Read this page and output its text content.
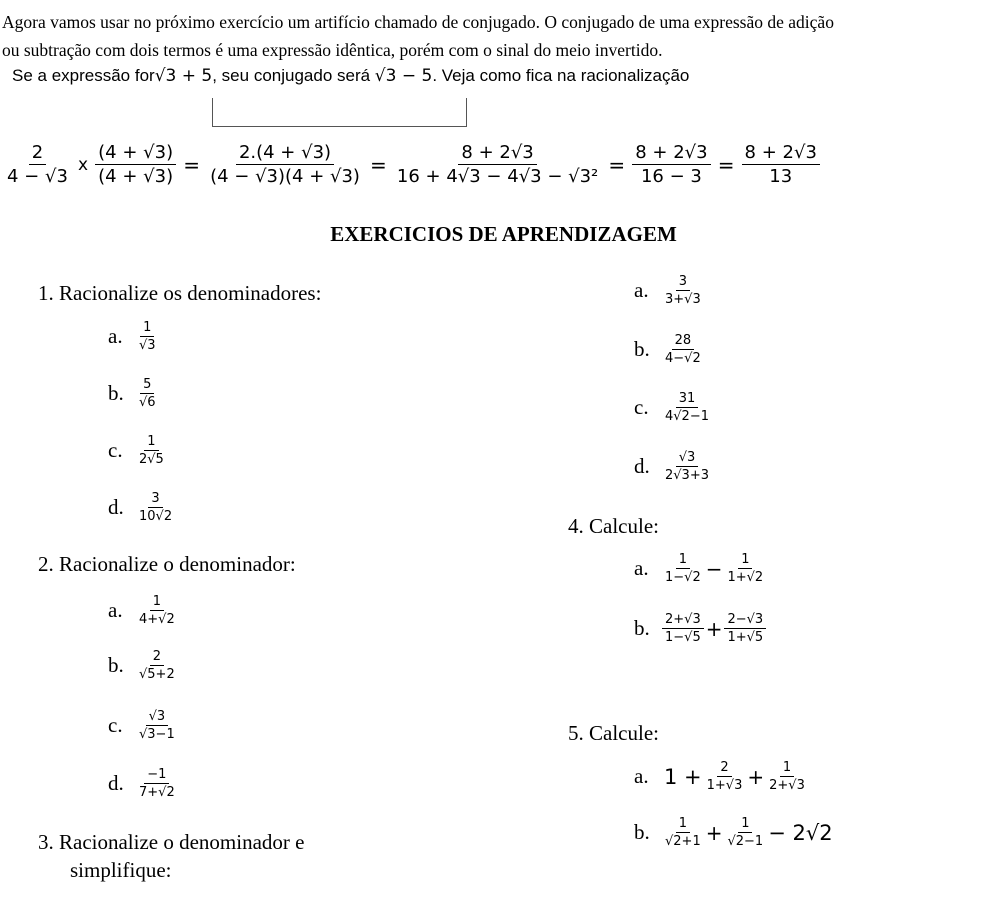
Agora vamos usar no próximo exercício um artifício chamado de conjugado. O conjugado de uma expressão de adição
ou subtração com dois termos é uma expressão idêntica, porém com o sinal do meio invertido.
Se a expressão for√3 + 5, seu conjugado será √3 − 5. Veja como fica na racionalização
$\frac{2}{4 - √3}$ x $\frac{(4 + √3)}{(4 + √3)} = \frac{2.(4 + √3)}{(4 - √3)(4 + √3)} = \frac{8 + 2√3}{\text{16 + 4√3 − 4√3 − √3²}} = \frac{8 + 2√3}{16 - 3} = \frac{8 + 2√3}{13}$
EXERCICIOS DE APRENDIZAGEM
1. Racionalize os denominadores:
a. $\frac{1}{√3}$
b. $\frac{5}{√6}$
c. $\frac{1}{2√5}$
d. $\frac{3}{10√2}$
2. Racionalize o denominador:
a. $\frac{1}{4+√2}$
b. $\frac{2}{√5+2}$
c. $\frac{√3}{√3-1}$
d. $\frac{-1}{7+√2}$
3. Racionalize o denominador e
simplifique:
a. $\frac{3}{3+√3}$
b. $\frac{28}{4-√2}$
c. $\frac{31}{4√2-1}$
d. $\frac{√3}{2√3+3}$
4. Calcule:
a. $\frac{1}{1-√2} - \frac{1}{1+√2}$
b. $\frac{2+√3}{1-√5} + \frac{2-√3}{1+√5}$
5. Calcule:
a. $1 + \frac{2}{1+√3} + \frac{1}{2+√3}$
b. $\frac{1}{√2+1} + \frac{1}{√2-1} - 2√2$
